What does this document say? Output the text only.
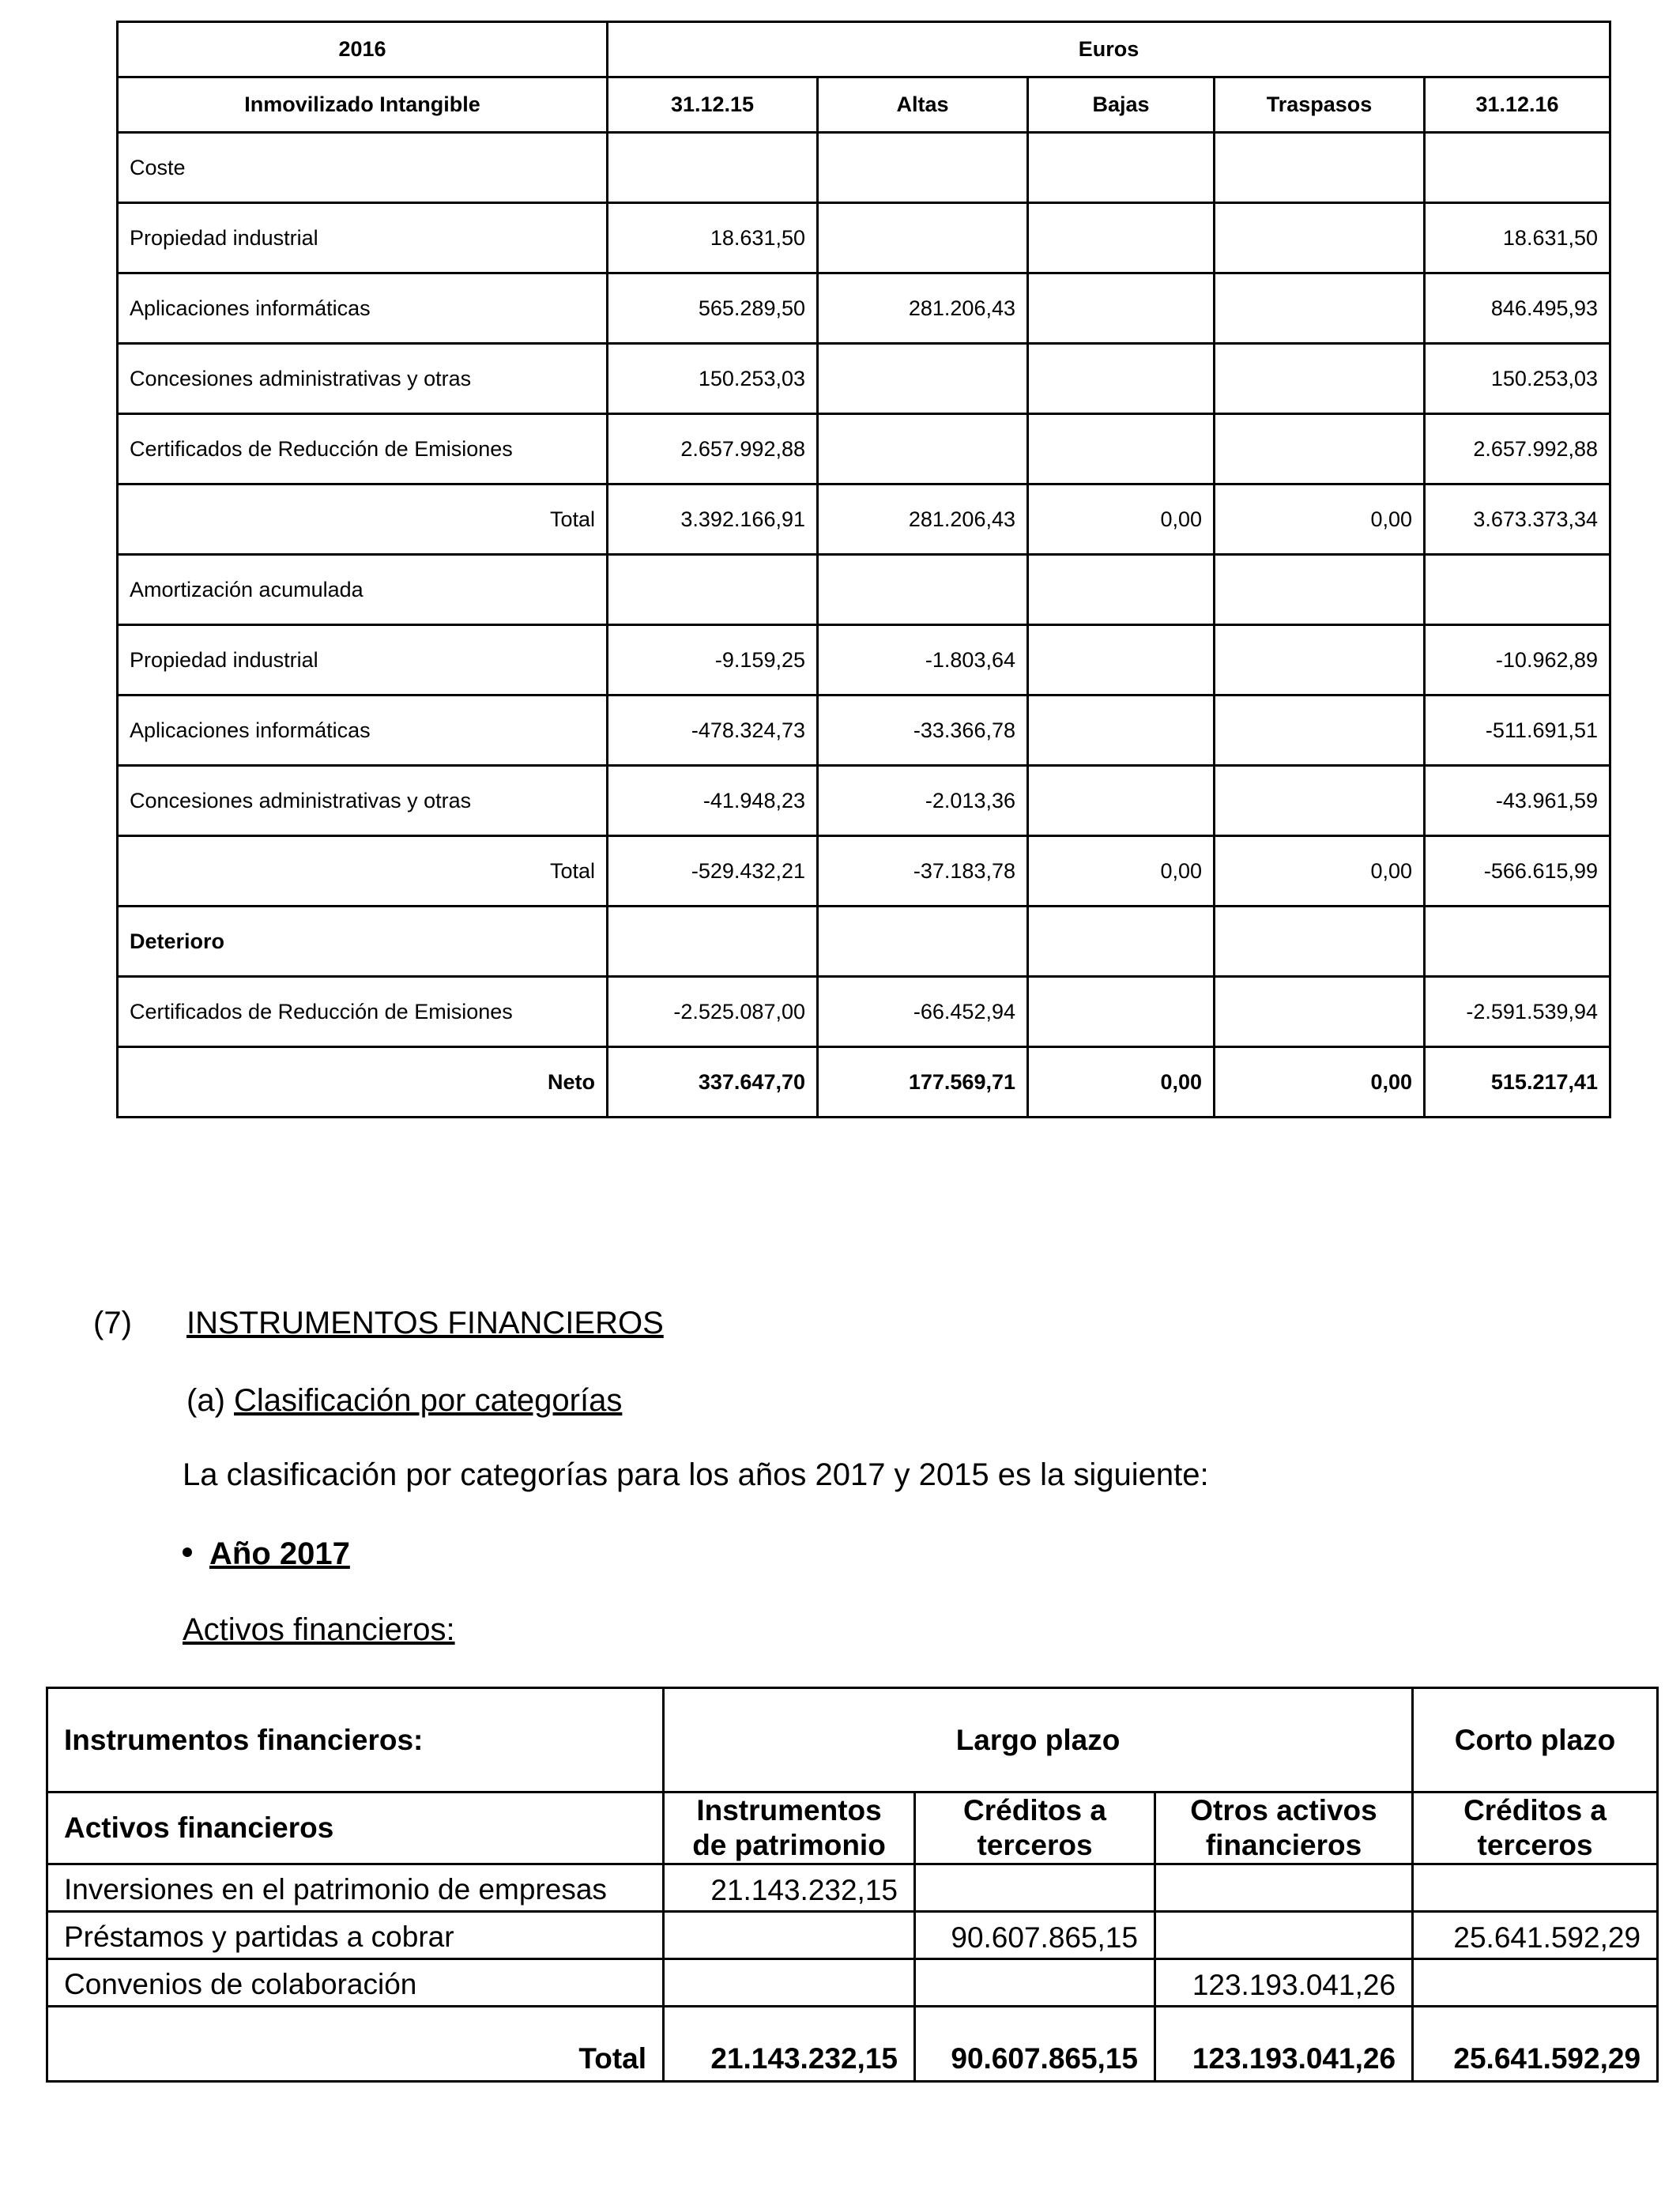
2016	Euros				
Inmovilizado Intangible	31.12.15	Altas	Bajas	Traspasos	31.12.16
Coste					
Propiedad industrial	18.631,50				18.631,50
Aplicaciones informáticas	565.289,50	281.206,43			846.495,93
Concesiones administrativas y otras	150.253,03				150.253,03
Certificados de Reducción de Emisiones	2.657.992,88				2.657.992,88
Total	3.392.166,91	281.206,43	0,00	0,00	3.673.373,34
Amortización acumulada					
Propiedad industrial	-9.159,25	-1.803,64			-10.962,89
Aplicaciones informáticas	-478.324,73	-33.366,78			-511.691,51
Concesiones administrativas y otras	-41.948,23	-2.013,36			-43.961,59
Total	-529.432,21	-37.183,78	0,00	0,00	-566.615,99
Deterioro					
Certificados de Reducción de Emisiones	-2.525.087,00	-66.452,94			-2.591.539,94
Neto	337.647,70	177.569,71	0,00	0,00	515.217,41
(7) INSTRUMENTOS FINANCIEROS
(a) Clasificación por categorías
La clasificación por categorías para los años 2017 y 2015 es la siguiente:
Año 2017
Activos financieros:
Instrumentos financieros:	Largo plazo			Corto plazo
Activos financieros	Instrumentos de patrimonio	Créditos a terceros	Otros activos financieros	Créditos a terceros
Inversiones en el patrimonio de empresas	21.143.232,15			
Préstamos y partidas a cobrar		90.607.865,15		25.641.592,29
Convenios de colaboración			123.193.041,26	
Total	21.143.232,15	90.607.865,15	123.193.041,26	25.641.592,29
